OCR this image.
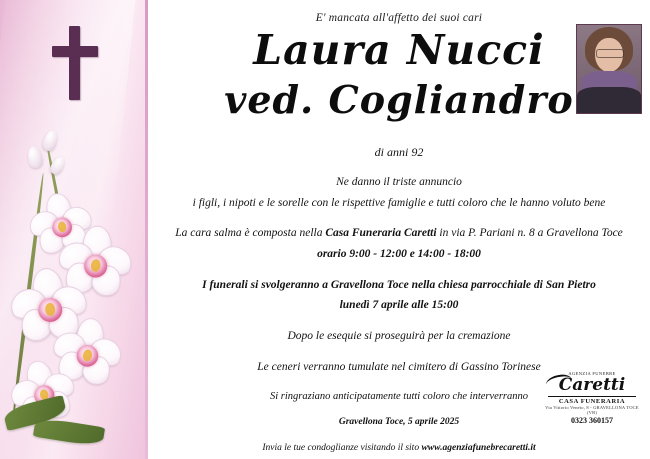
E' mancata all'affetto dei suoi cari
Laura Nucci
ved. Cogliandro
di anni 92
Ne danno il triste annuncio
i figli, i nipoti e le sorelle con le rispettive famiglie e tutti coloro che le hanno voluto bene
La cara salma è composta nella Casa Funeraria Caretti in via P. Pariani n. 8 a Gravellona Toce
orario 9:00 - 12:00 e 14:00 - 18:00
I funerali si svolgeranno a Gravellona Toce nella chiesa parrocchiale di San Pietro
lunedì 7 aprile alle 15:00
Dopo le esequie si proseguirà per la cremazione
Le ceneri verranno tumulate nel cimitero di Gassino Torinese
Si ringraziano anticipatamente tutti coloro che interverranno
Gravellona Toce, 5 aprile 2025
AGENZIA FUNEBRE
Caretti
CASA FUNERARIA
Via Vittorio Veneto, 8 - GRAVELLONA TOCE (VB)
0323 360157
Invia le tue condoglianze visitando il sito www.agenziafunebrecaretti.it
